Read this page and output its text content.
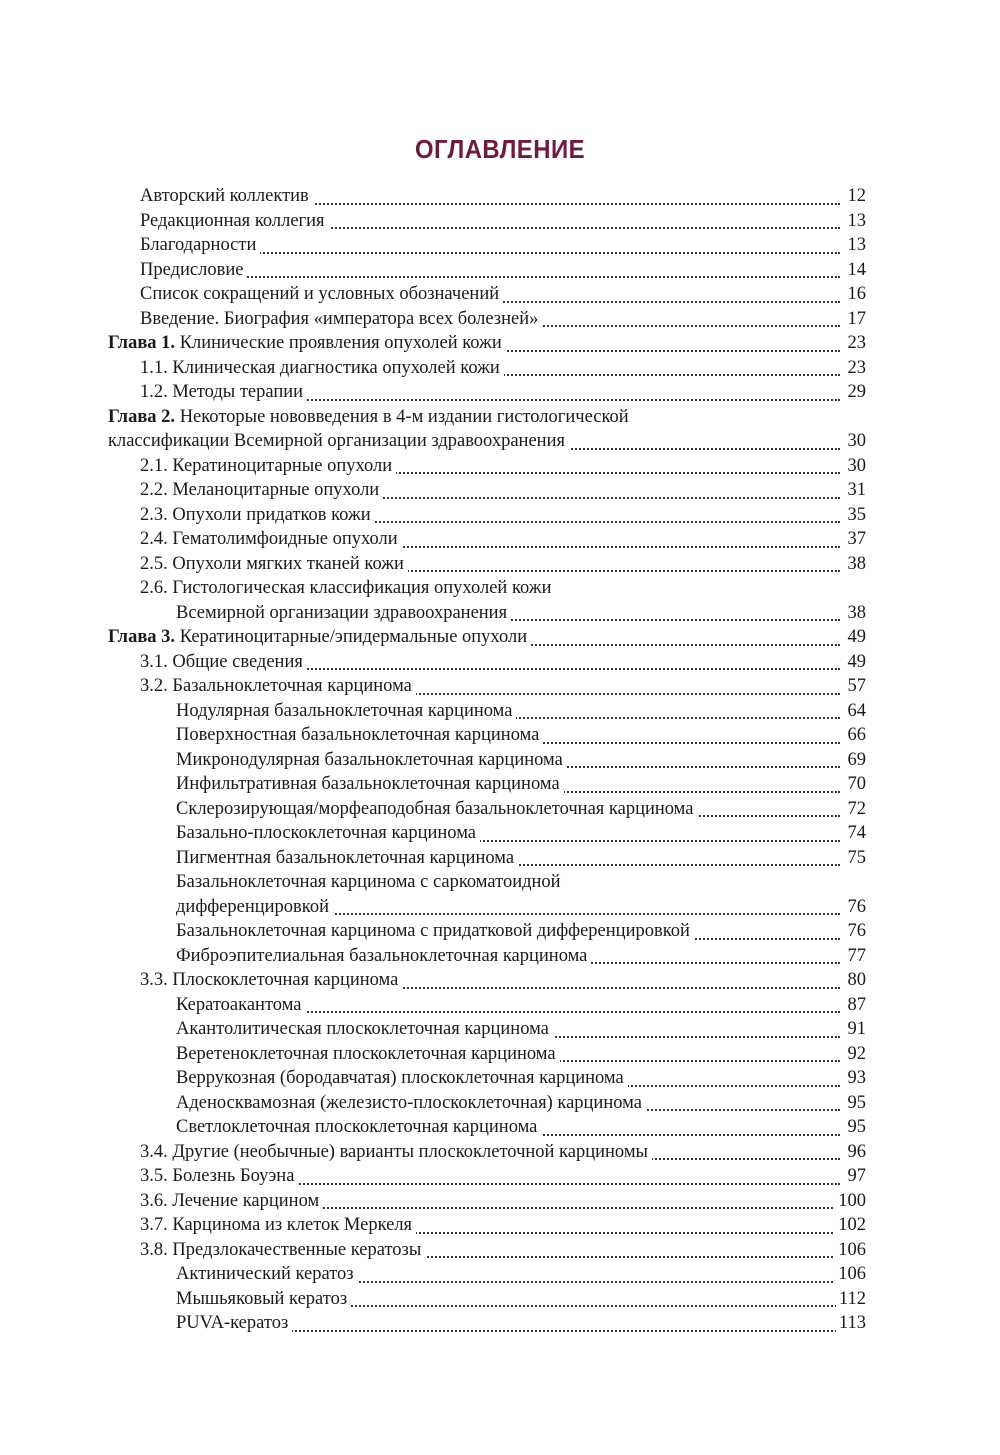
ОГЛАВЛЕНИЕ
Авторский коллектив	12
Редакционная коллегия	13
Благодарности	13
Предисловие	14
Список сокращений и условных обозначений	16
Введение. Биография «императора всех болезней»	17
Глава 1. Клинические проявления опухолей кожи	23
1.1. Клиническая диагностика опухолей кожи	23
1.2. Методы терапии	29
Глава 2. Некоторые нововведения в 4-м издании гистологической
классификации Всемирной организации здравоохранения	30
2.1. Кератиноцитарные опухоли	30
2.2. Меланоцитарные опухоли	31
2.3. Опухоли придатков кожи	35
2.4. Гематолимфоидные опухоли	37
2.5. Опухоли мягких тканей кожи	38
2.6. Гистологическая классификация опухолей кожи
Всемирной организации здравоохранения	38
Глава 3. Кератиноцитарные/эпидермальные опухоли	49
3.1. Общие сведения	49
3.2. Базальноклеточная карцинома	57
Нодулярная базальноклеточная карцинома	64
Поверхностная базальноклеточная карцинома	66
Микронодулярная базальноклеточная карцинома	69
Инфильтративная базальноклеточная карцинома	70
Склерозирующая/морфеаподобная базальноклеточная карцинома	72
Базально-плоскоклеточная карцинома	74
Пигментная базальноклеточная карцинома	75
Базальноклеточная карцинома с саркоматоидной
дифференцировкой	76
Базальноклеточная карцинома с придатковой дифференцировкой	76
Фиброэпителиальная базальноклеточная карцинома	77
3.3. Плоскоклеточная карцинома	80
Кератоакантома	87
Акантолитическая плоскоклеточная карцинома	91
Веретеноклеточная плоскоклеточная карцинома	92
Веррукозная (бородавчатая) плоскоклеточная карцинома	93
Аденосквамозная (железисто-плоскоклеточная) карцинома	95
Светлоклеточная плоскоклеточная карцинома	95
3.4. Другие (необычные) варианты плоскоклеточной карциномы	96
3.5. Болезнь Боуэна	97
3.6. Лечение карцином	100
3.7. Карцинома из клеток Меркеля	102
3.8. Предзлокачественные кератозы	106
Актинический кератоз	106
Мышьяковый кератоз	112
PUVA-кератоз	113
